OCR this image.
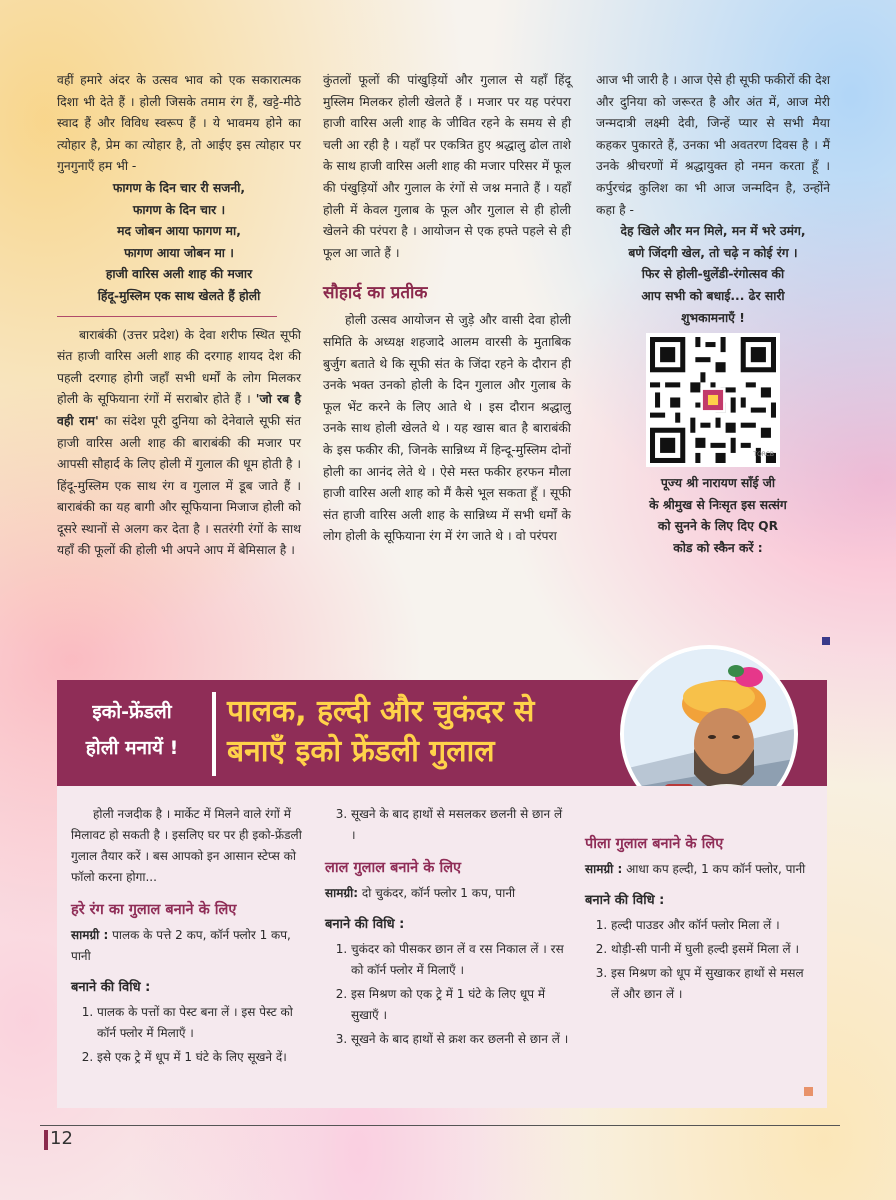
वहीं हमारे अंदर के उत्सव भाव को एक सकारात्मक दिशा भी देते हैं । होली जिसके तमाम रंग हैं, खट्टे-मीठे स्वाद हैं और विविध स्वरूप हैं । ये भावमय होने का त्योहार है, प्रेम का त्योहार है, तो आईए इस त्योहार पर गुनगुनाएँ हम भी -

फागण के दिन चार री सजनी,
फागण के दिन चार ।
मद जोबन आया फागण मा,
फागण आया जोबन मा ।
हाजी वारिस अली शाह की मजार
हिंदू-मुस्लिम एक साथ खेलते हैं होली

बाराबंकी (उत्तर प्रदेश) के देवा शरीफ स्थित सूफी संत हाजी वारिस अली शाह की दरगाह शायद देश की पहली दरगाह होगी जहाँ सभी धर्मों के लोग मिलकर होली के सूफियाना रंगों में सराबोर होते हैं । 'जो रब है वही राम' का संदेश पूरी दुनिया को देनेवाले सूफी संत हाजी वारिस अली शाह की बाराबंकी की मजार पर आपसी सौहार्द के लिए होली में गुलाल की धूम होती है । हिंदू-मुस्लिम एक साथ रंग व गुलाल में डूब जाते हैं । बाराबंकी का यह बागी और सूफियाना मिजाज होली को दूसरे स्थानों से अलग कर देता है । सतरंगी रंगों के साथ यहाँ की फूलों की होली भी अपने आप में बेमिसाल है ।

कुंतलों फूलों की पांखुड़ियों और गुलाल से यहाँ हिंदू मुस्लिम मिलकर होली खेलते हैं । मजार पर यह परंपरा हाजी वारिस अली शाह के जीवित रहने के समय से ही चली आ रही है । यहाँ पर एकत्रित हुए श्रद्धालु ढोल ताशे के साथ हाजी वारिस अली शाह की मजार परिसर में फूल की पंखुड़ियों और गुलाल के रंगों से जश्न मनाते हैं । यहाँ होली में केवल गुलाब के फूल और गुलाल से ही होली खेलने की परंपरा है । आयोजन से एक हफ्ते पहले से ही फूल आ जाते हैं ।

सौहार्द का प्रतीक

होली उत्सव आयोजन से जुड़े और वासी देवा होली समिति के अध्यक्ष शहजादे आलम वारसी के मुताबिक बुर्जुग बताते थे कि सूफी संत के जिंदा रहने के दौरान ही उनके भक्त उनको होली के दिन गुलाल और गुलाब के फूल भेंट करने के लिए आते थे । इस दौरान श्रद्धालु उनके साथ होली खेलते थे । यह खास बात है बाराबंकी के इस फकीर की, जिनके सान्निध्य में हिन्दू-मुस्लिम दोनों होली का आनंद लेते थे । ऐसे मस्त फकीर हरफन मौला हाजी वारिस अली शाह को मैं कैसे भूल सकता हूँ । सूफी संत हाजी वारिस अली शाह के सान्निध्य में सभी धर्मों के लोग होली के सूफियाना रंग में रंग जाते थे । वो परंपरा

आज भी जारी है । आज ऐसे ही सूफी फकीरों की देश और दुनिया को जरूरत है और अंत में, आज मेरी जन्मदात्री लक्ष्मी देवी, जिन्हें प्यार से सभी मैया कहकर पुकारते हैं, उनका भी अवतरण दिवस है । मैं उनके श्रीचरणों में श्रद्धायुक्त हो नमन करता हूँ । कर्पुरचंद्र कुलिश का भी आज जन्मदिन है, उन्होंने कहा है -

देह खिले और मन मिले, मन में भरे उमंग,
बणे जिंदगी खेल, तो चढ़े न कोई रंग ।
फिर से होली-धुलेंडी-रंगोत्सव की
आप सभी को बधाई... ढेर सारी
शुभकामनाएँ !
TQRCB
पूज्य श्री नारायण साँई जी
के श्रीमुख से निःसृत इस सत्संग
को सुनने के लिए दिए QR
कोड को स्कैन करें :
इको-फ्रेंडली
होली मनायें !
पालक, हल्दी और चुकंदर से
बनाएँ इको फ्रेंडली गुलाल

होली नजदीक है । मार्केट में मिलने वाले रंगों में मिलावट हो सकती है । इसलिए घर पर ही इको-फ्रेंडली गुलाल तैयार करें । बस आपको इन आसान स्टेप्स को फॉलो करना होगा...

हरे रंग का गुलाल बनाने के लिए

सामग्री : पालक के पत्ते 2 कप, कॉर्न फ्लोर 1 कप, पानी

बनाने की विधि :
1. पालक के पत्तों का पेस्ट बना लें । इस पेस्ट को कॉर्न फ्लोर में मिलाएँ ।
2. इसे एक ट्रे में धूप में 1 घंटे के लिए सूखने दें।
3. सूखने के बाद हाथों से मसलकर छलनी से छान लें ।
लाल गुलाल बनाने के लिए

सामग्री: दो चुकंदर, कॉर्न फ्लोर 1 कप, पानी

बनाने की विधि :
1. चुकंदर को पीसकर छान लें व रस निकाल लें । रस को कॉर्न फ्लोर में मिलाएँ ।
2. इस मिश्रण को एक ट्रे में 1 घंटे के लिए धूप में सुखाएँ ।
3. सूखने के बाद हाथों से क्रश कर छलनी से छान लें ।
पीला गुलाल बनाने के लिए

सामग्री : आधा कप हल्दी, 1 कप कॉर्न फ्लोर, पानी

बनाने की विधि :
1. हल्दी पाउडर और कॉर्न फ्लोर मिला लें ।
2. थोड़ी-सी पानी में घुली हल्दी इसमें मिला लें ।
3. इस मिश्रण को धूप में सुखाकर हाथों से मसल लें और छान लें ।
12
